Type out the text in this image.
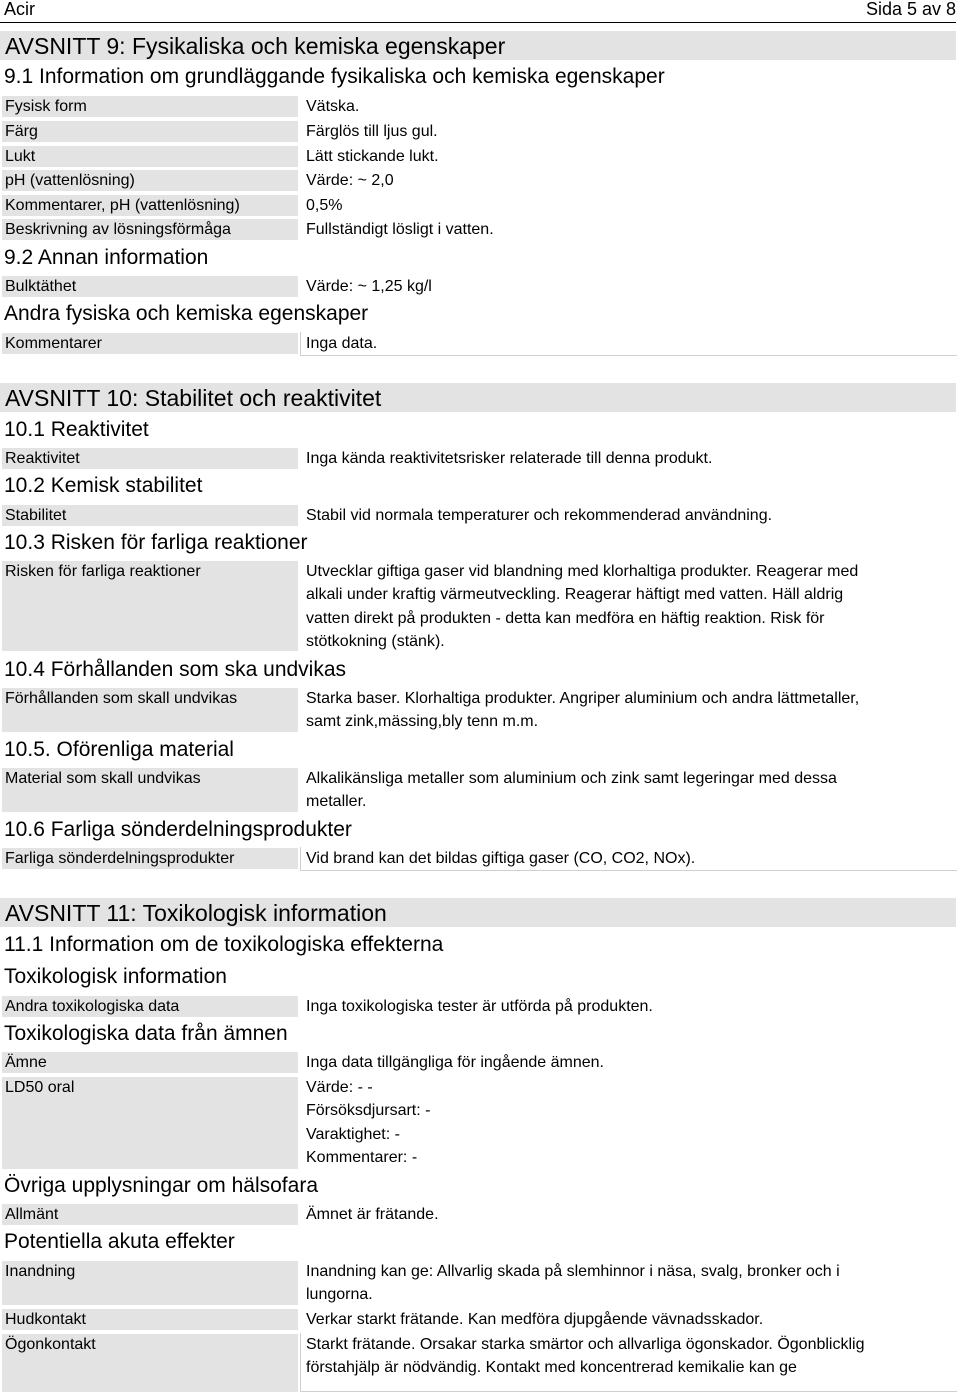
Acir	Sida 5 av 8
AVSNITT 9: Fysikaliska och kemiska egenskaper
9.1 Information om grundläggande fysikaliska och kemiska egenskaper
Fysisk form	Vätska.
Färg	Färglös till ljus gul.
Lukt	Lätt stickande lukt.
pH (vattenlösning)	Värde: ~ 2,0
Kommentarer, pH (vattenlösning)	0,5%
Beskrivning av lösningsförmåga	Fullständigt lösligt i vatten.
9.2 Annan information
Bulktäthet	Värde: ~ 1,25 kg/l
Andra fysiska och kemiska egenskaper
Kommentarer	Inga data.
AVSNITT 10: Stabilitet och reaktivitet
10.1 Reaktivitet
Reaktivitet	Inga kända reaktivitetsrisker relaterade till denna produkt.
10.2 Kemisk stabilitet
Stabilitet	Stabil vid normala temperaturer och rekommenderad användning.
10.3 Risken för farliga reaktioner
Risken för farliga reaktioner	Utvecklar giftiga gaser vid blandning med klorhaltiga produkter. Reagerar med
alkali under kraftig värmeutveckling. Reagerar häftigt med vatten. Häll aldrig
vatten direkt på produkten - detta kan medföra en häftig reaktion. Risk för
stötkokning (stänk).
10.4 Förhållanden som ska undvikas
Förhållanden som skall undvikas	Starka baser. Klorhaltiga produkter. Angriper aluminium och andra lättmetaller,
samt zink,mässing,bly tenn m.m.
10.5. Oförenliga material
Material som skall undvikas	Alkalikänsliga metaller som aluminium och zink samt legeringar med dessa
metaller.
10.6 Farliga sönderdelningsprodukter
Farliga sönderdelningsprodukter	Vid brand kan det bildas giftiga gaser (CO, CO2, NOx).
AVSNITT 11: Toxikologisk information
11.1 Information om de toxikologiska effekterna
Toxikologisk information
Andra toxikologiska data	Inga toxikologiska tester är utförda på produkten.
Toxikologiska data från ämnen
Ämne	Inga data tillgängliga för ingående ämnen.
LD50 oral	Värde: - -
Försöksdjursart: -
Varaktighet: -
Kommentarer: -
Övriga upplysningar om hälsofara
Allmänt	Ämnet är frätande.
Potentiella akuta effekter
Inandning	Inandning kan ge: Allvarlig skada på slemhinnor i näsa, svalg, bronker och i
lungorna.
Hudkontakt	Verkar starkt frätande. Kan medföra djupgående vävnadsskador.
Ögonkontakt	Starkt frätande. Orsakar starka smärtor och allvarliga ögonskador. Ögonblicklig
förstahjälp är nödvändig. Kontakt med koncentrerad kemikalie kan ge
